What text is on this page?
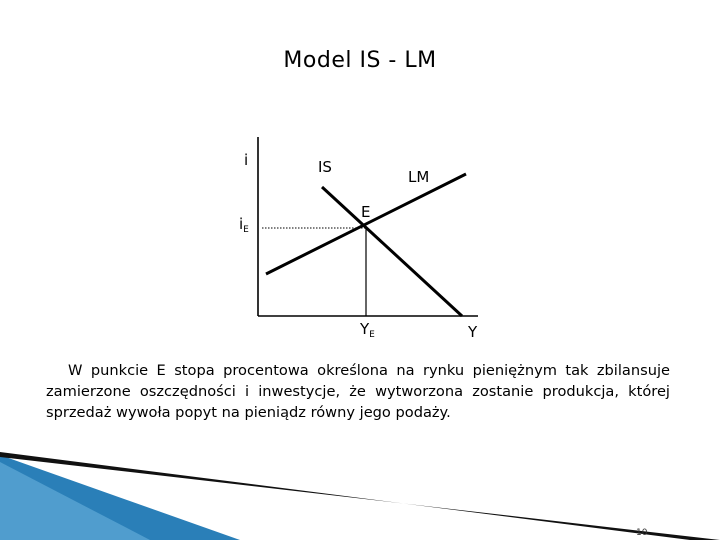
Model IS - LM
i	IS
LM
E
$i_E$
$Y_E$	Y

W punkcie E stopa procentowa określona na rynku pieniężnym tak zbilansuje zamierzone oszczędności i inwestycje, że wytworzona zostanie produkcja, której sprzedaż wywoła popyt na pieniądz równy jego podaży.

10
